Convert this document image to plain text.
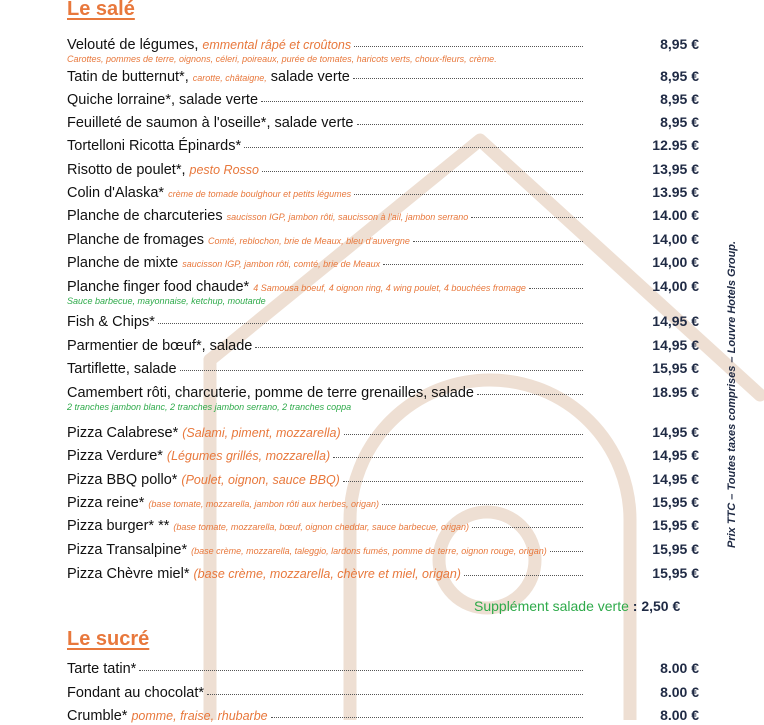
Le salé
Velouté de légumes, emmental râpé et croûtons	8,95 €
Carottes, pommes de terre, oignons, céleri, poireaux, purée de tomates, haricots verts, choux-fleurs, crème.
Tatin de butternut*, carotte, châtaigne, salade verte	8,95 €
Quiche lorraine*, salade verte	8,95 €
Feuilleté de saumon à l'oseille*, salade verte	8,95 €
Tortelloni Ricotta Épinards*	12.95 €
Risotto de poulet*, pesto Rosso	13,95 €
Colin d'Alaska* crème de tomade boulghour et petits légumes	13.95 €
Planche de charcuteries saucisson IGP, jambon rôti, saucisson à l'ail, jambon serrano	14.00 €
Planche de fromages Comté, reblochon, brie de Meaux, bleu d'auvergne	14,00 €
Planche de mixte saucisson IGP, jambon rôti, comté, brie de Meaux	14,00 €
Planche finger food chaude* 4 Samousa boeuf, 4 oignon ring, 4 wing poulet, 4 bouchées fromage	14,00 €
Sauce barbecue, mayonnaise, ketchup, moutarde
Fish & Chips*	14,95 €
Parmentier de bœuf*, salade	14,95 €
Tartiflette, salade	15,95 €
Camembert rôti, charcuterie, pomme de terre grenailles, salade	18.95 €
2 tranches jambon blanc, 2 tranches jambon serrano, 2 tranches coppa
Pizza Calabrese* (Salami, piment, mozzarella)	14,95 €
Pizza Verdure* (Légumes grillés, mozzarella)	14,95 €
Pizza BBQ pollo* (Poulet, oignon, sauce BBQ)	14,95 €
Pizza reine* (base tomate, mozzarella, jambon rôti aux herbes, origan)	15,95 €
Pizza burger* ** (base tomate, mozzarella, bœuf, oignon cheddar, sauce barbecue, origan)	15,95 €
Pizza Transalpine* (base crème, mozzarella, taleggio, lardons fumés, pomme de terre, oignon rouge, origan)	15,95 €
Pizza Chèvre miel* (base crème, mozzarella, chèvre et miel, origan)	15,95 €
Supplément salade verte : 2,50 €
Le sucré
Tarte tatin*	8.00 €
Fondant au chocolat*	8.00 €
Crumble* pomme, fraise, rhubarbe	8.00 €
Prix TTC – Toutes taxes comprises – Louvre Hotels Group.
